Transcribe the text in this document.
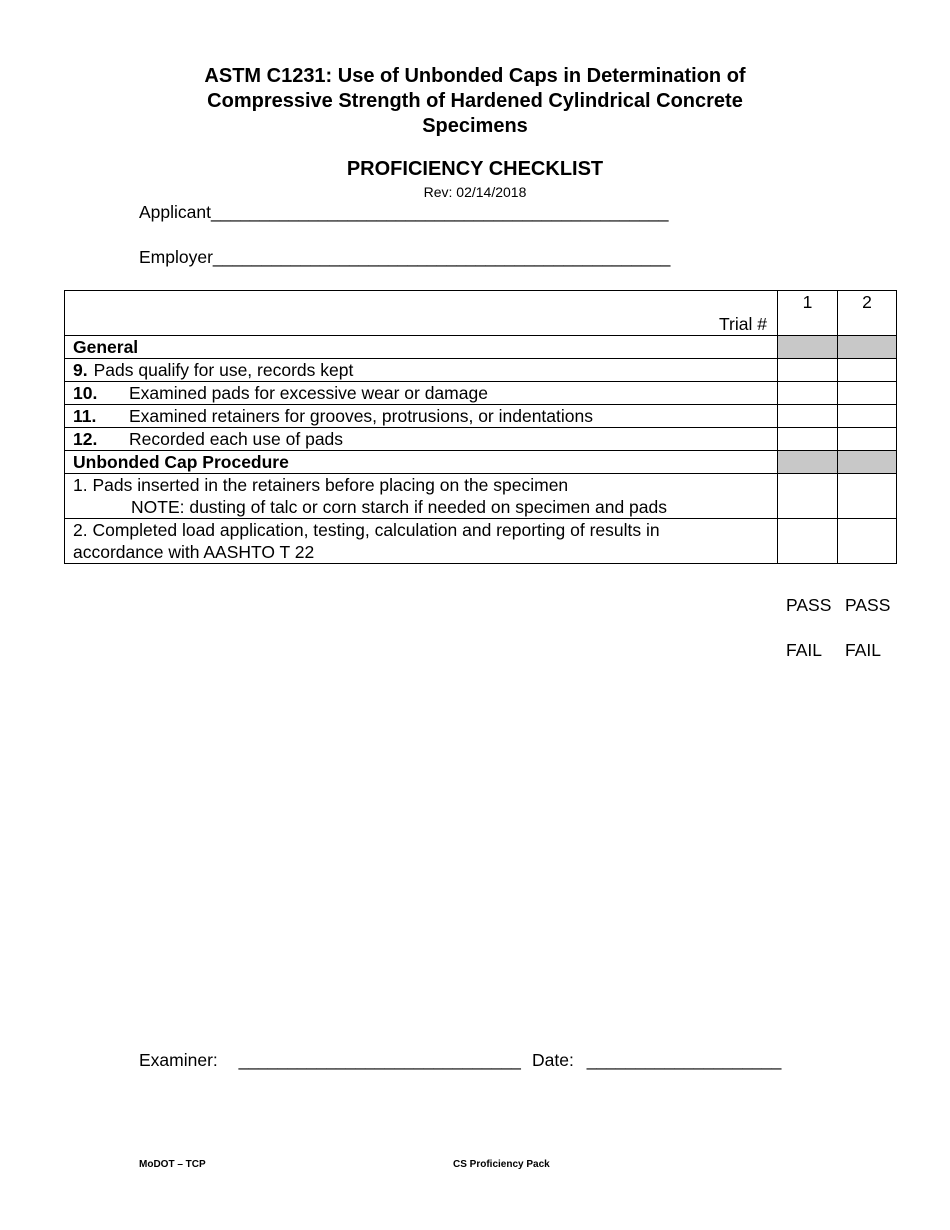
ASTM C1231: Use of Unbonded Caps in Determination of
Compressive Strength of Hardened Cylindrical Concrete
Specimens
PROFICIENCY CHECKLIST
Rev: 02/14/2018
Applicant_______________________________________________
Employer_______________________________________________
Trial #	1	2
General		
9. Pads qualify for use, records kept		
10. Examined pads for excessive wear or damage		
11. Examined retainers for grooves, protrusions, or indentations		
12. Recorded each use of pads		
Unbonded Cap Procedure		

1. Pads inserted in the retainers before placing on the specimen
NOTE: dusting of talc or corn starch if needed on specimen and pads		

2. Completed load application, testing, calculation and reporting of results in
accordance with AASHTO T 22		

PASS PASS
FAIL FAIL
Examiner: _____________________________ Date: ____________________
MoDOT – TCP	CS Proficiency Pack
